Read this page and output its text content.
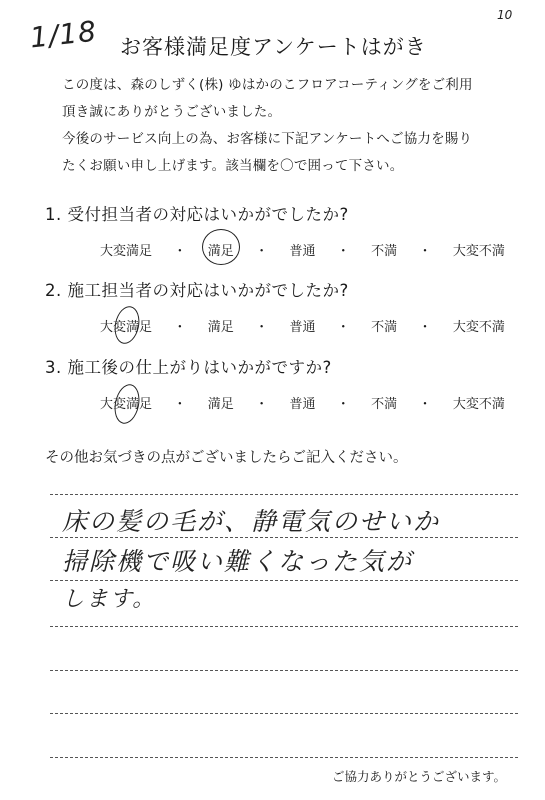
1/18	10
お客様満足度アンケートはがき
この度は、森のしずく(株) ゆはかのこフロアコーティングをご利用
頂き誠にありがとうございました。
今後のサービス向上の為、お客様に下記アンケートへご協力を賜り
たくお願い申し上げます。該当欄を〇で囲って下さい。
1. 受付担当者の対応はいかがでしたか?
大変満足 ・ 満足 ・ 普通 ・ 不満 ・ 大変不満
2. 施工担当者の対応はいかがでしたか?
大変満足 ・ 満足 ・ 普通 ・ 不満 ・ 大変不満
3. 施工後の仕上がりはいかがですか?
大変満足 ・ 満足 ・ 普通 ・ 不満 ・ 大変不満
その他お気づきの点がございましたらご記入ください。
床の髪の毛が、静電気のせいか
掃除機で吸い難くなった気が
します。
ご協力ありがとうございます。
